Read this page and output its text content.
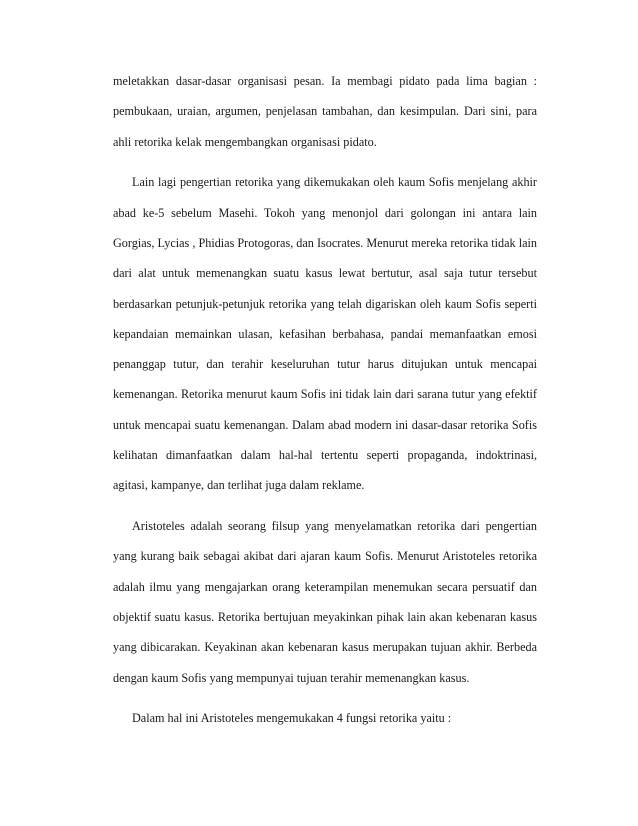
meletakkan dasar-dasar organisasi pesan. Ia membagi pidato pada lima bagian : pembukaan, uraian, argumen, penjelasan tambahan, dan kesimpulan. Dari sini, para ahli retorika kelak mengembangkan organisasi pidato.

Lain lagi pengertian retorika yang dikemukakan oleh kaum Sofis menjelang akhir abad ke-5 sebelum Masehi. Tokoh yang menonjol dari golongan ini antara lain Gorgias, Lycias , Phidias Protogoras, dan Isocrates. Menurut mereka retorika tidak lain dari alat untuk memenangkan suatu kasus lewat bertutur, asal saja tutur tersebut berdasarkan petunjuk-petunjuk retorika yang telah digariskan oleh kaum Sofis seperti kepandaian memainkan ulasan, kefasihan berbahasa, pandai memanfaatkan emosi penanggap tutur, dan terahir keseluruhan tutur harus ditujukan untuk mencapai kemenangan. Retorika menurut kaum Sofis ini tidak lain dari sarana tutur yang efektif untuk mencapai suatu kemenangan. Dalam abad modern ini dasar-dasar retorika Sofis kelihatan dimanfaatkan dalam hal-hal tertentu seperti propaganda, indoktrinasi, agitasi, kampanye, dan terlihat juga dalam reklame.

Aristoteles adalah seorang filsup yang menyelamatkan retorika dari pengertian yang kurang baik sebagai akibat dari ajaran kaum Sofis. Menurut Aristoteles retorika adalah ilmu yang mengajarkan orang keterampilan menemukan secara persuatif dan objektif suatu kasus. Retorika bertujuan meyakinkan pihak lain akan kebenaran kasus yang dibicarakan. Keyakinan akan kebenaran kasus merupakan tujuan akhir. Berbeda dengan kaum Sofis yang mempunyai tujuan terahir memenangkan kasus.

Dalam hal ini Aristoteles mengemukakan 4 fungsi retorika yaitu :
